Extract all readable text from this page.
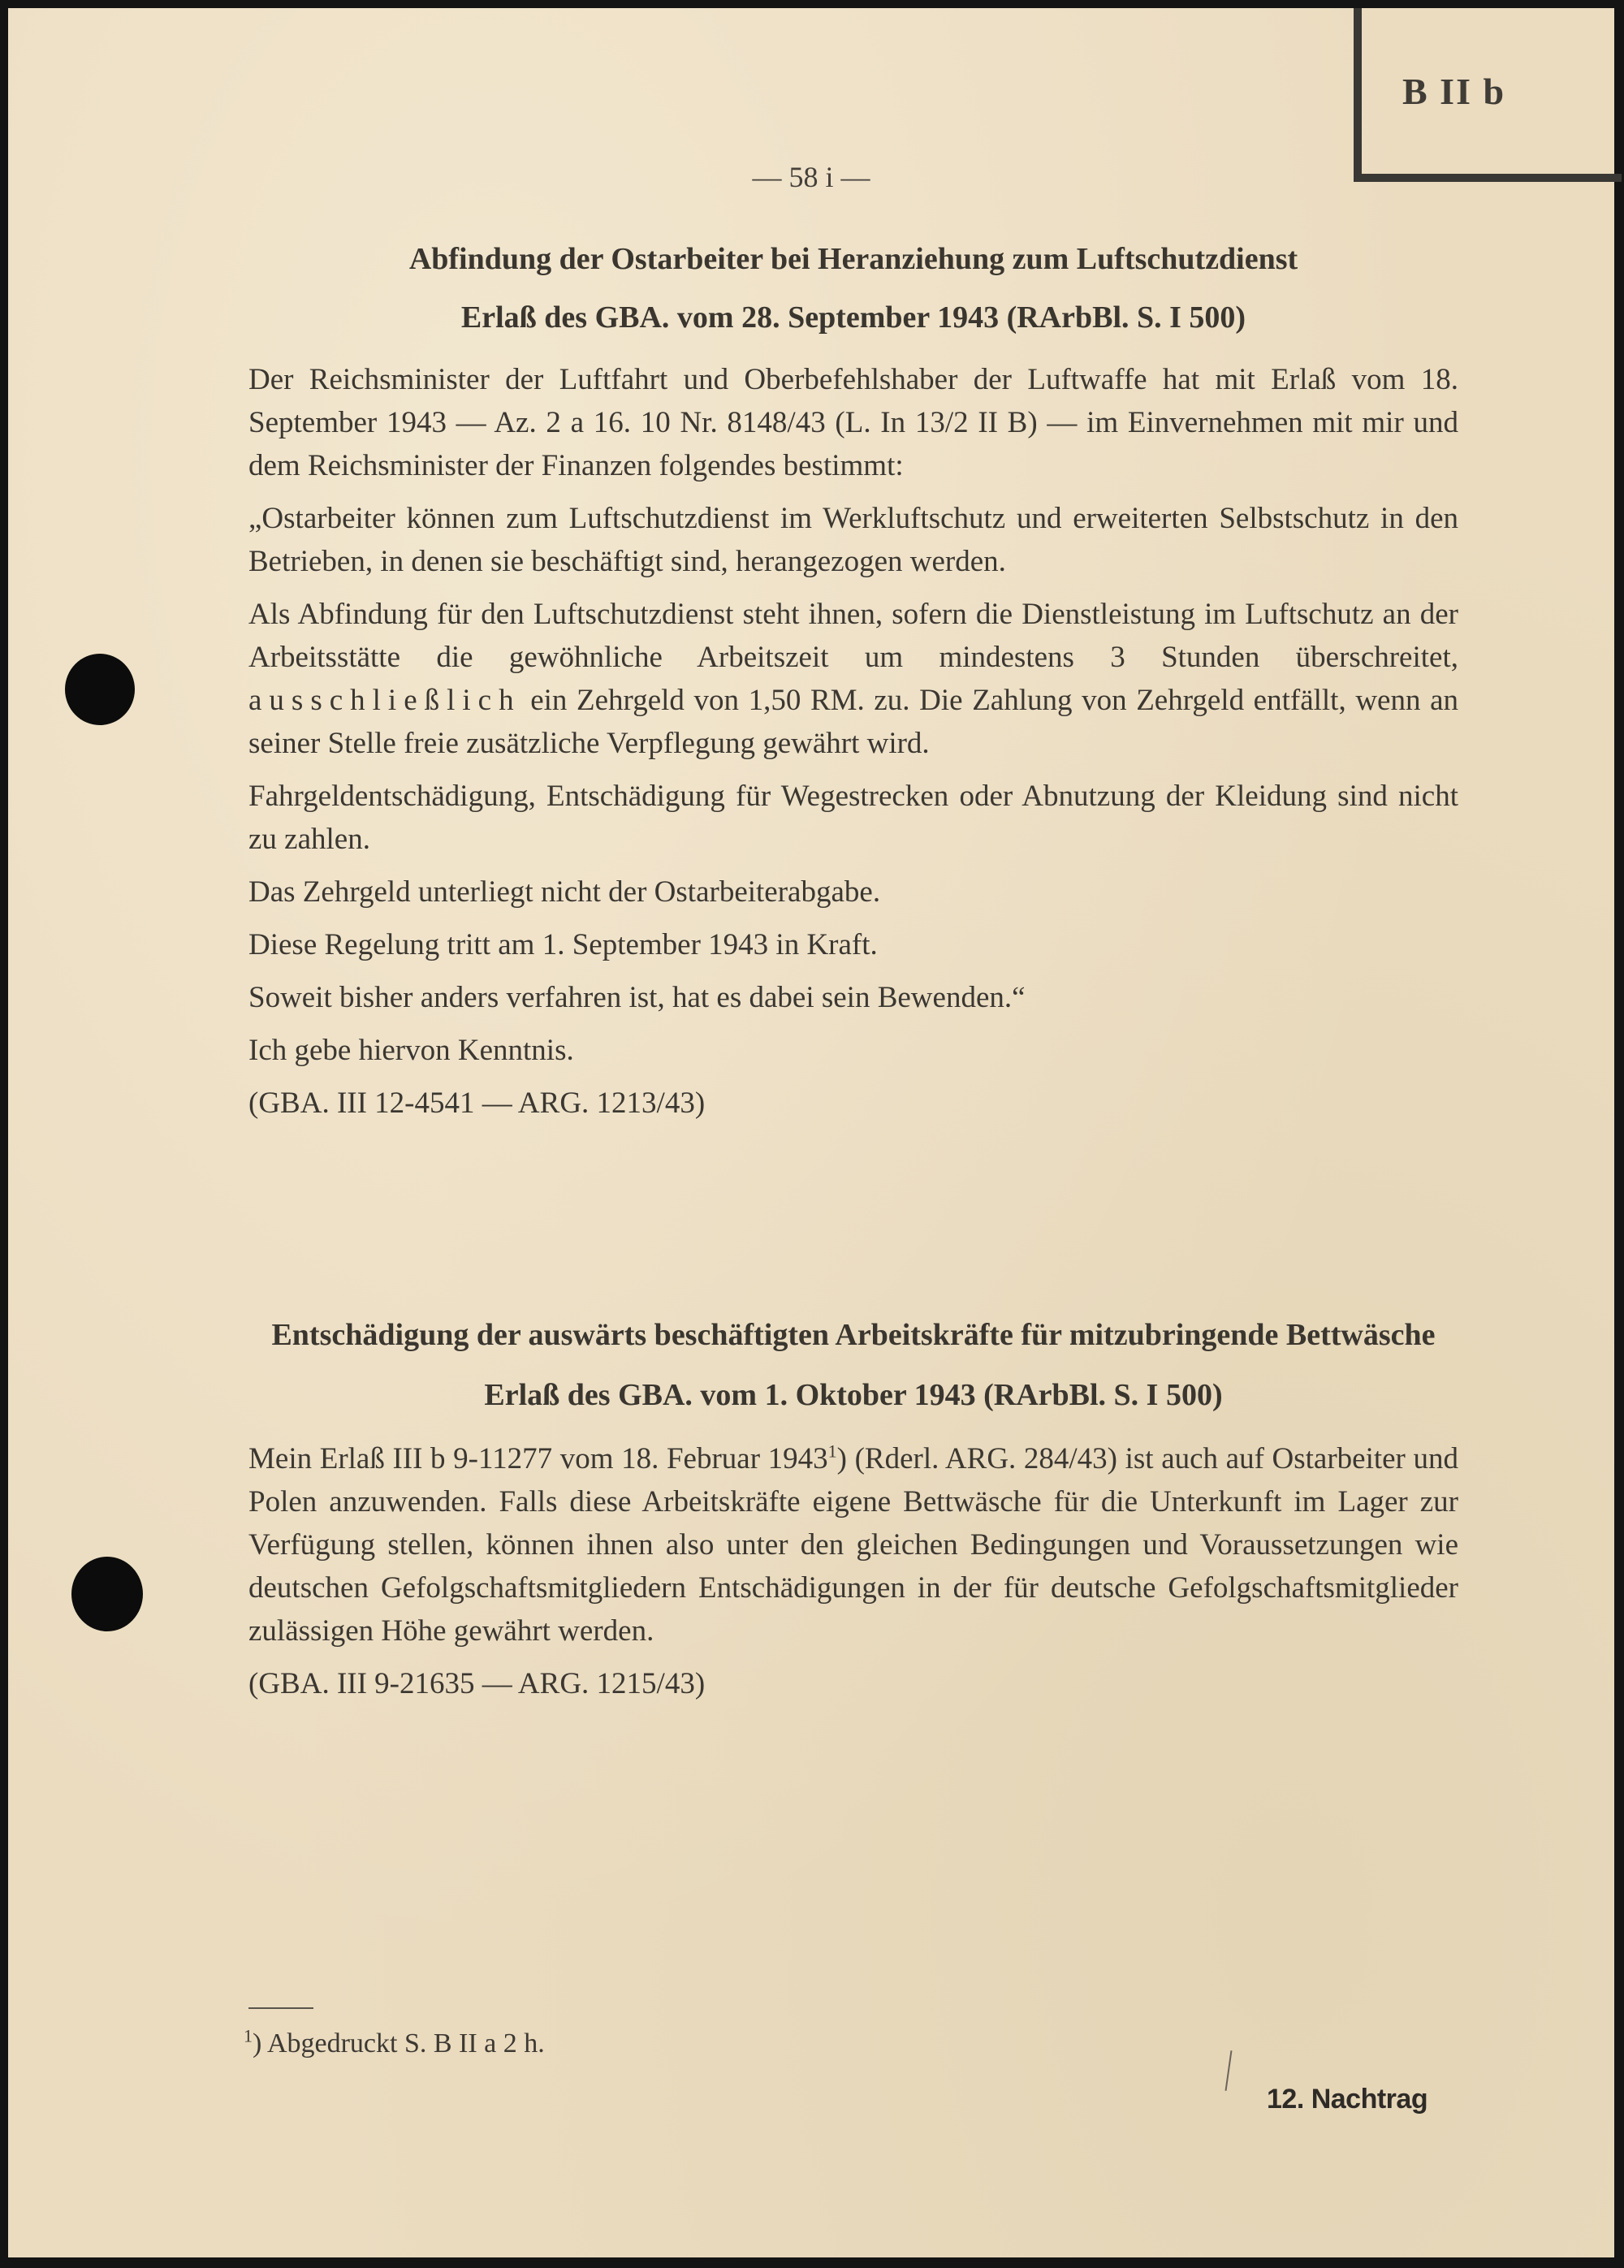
B II b
— 58 i —
Abfindung der Ostarbeiter bei Heranziehung zum Luftschutzdienst
Erlaß des GBA. vom 28. September 1943 (RArbBl. S. I 500)

Der Reichsminister der Luftfahrt und Oberbefehlshaber der Luftwaffe hat mit Erlaß vom 18. September 1943 — Az. 2 a 16. 10 Nr. 8148/43 (L. In 13/2 II B) — im Einvernehmen mit mir und dem Reichsminister der Finanzen folgendes bestimmt:

„Ostarbeiter können zum Luftschutzdienst im Werkluftschutz und erweiterten Selbstschutz in den Betrieben, in denen sie beschäftigt sind, herangezogen werden.

Als Abfindung für den Luftschutzdienst steht ihnen, sofern die Dienstleistung im Luftschutz an der Arbeitsstätte die gewöhnliche Arbeitszeit um mindestens 3 Stunden überschreitet, ausschließlich ein Zehrgeld von 1,50 RM. zu. Die Zahlung von Zehrgeld entfällt, wenn an seiner Stelle freie zusätzliche Verpflegung gewährt wird.

Fahrgeldentschädigung, Entschädigung für Wegestrecken oder Abnutzung der Kleidung sind nicht zu zahlen.

Das Zehrgeld unterliegt nicht der Ostarbeiterabgabe.

Diese Regelung tritt am 1. September 1943 in Kraft.

Soweit bisher anders verfahren ist, hat es dabei sein Bewenden.“

Ich gebe hiervon Kenntnis.

(GBA. III 12-4541 — ARG. 1213/43)

Entschädigung der auswärts beschäftigten Arbeitskräfte für mitzubringende Bettwäsche
Erlaß des GBA. vom 1. Oktober 1943 (RArbBl. S. I 500)

Mein Erlaß III b 9-11277 vom 18. Februar 1943$^1$) (Rderl. ARG. 284/43) ist auch auf Ostarbeiter und Polen anzuwenden. Falls diese Arbeitskräfte eigene Bettwäsche für die Unterkunft im Lager zur Verfügung stellen, können ihnen also unter den gleichen Bedingungen und Voraussetzungen wie deutschen Gefolgschaftsmitgliedern Entschädigungen in der für deutsche Gefolgschaftsmitglieder zulässigen Höhe gewährt werden.

(GBA. III 9-21635 — ARG. 1215/43)

$^1$) Abgedruckt S. B II a 2 h.
12. Nachtrag
